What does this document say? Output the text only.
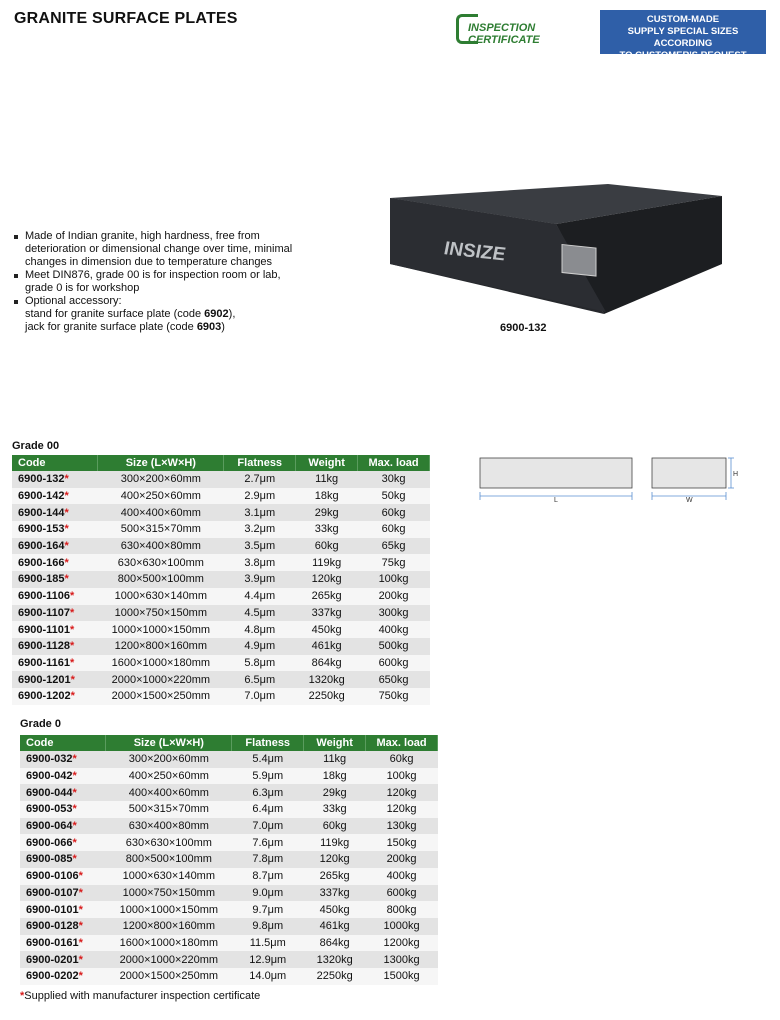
GRANITE SURFACE PLATES
INSPECTION
CERTIFICATE
CUSTOM-MADE
SUPPLY SPECIAL SIZES ACCORDING
TO CUSTOMER'S REQUEST
Made of Indian granite, high hardness, free from deterioration or dimensional change over time, minimal changes in dimension due to temperature changes
Meet DIN876, grade 00 is for inspection room or lab, grade 0 is for workshop
Optional accessory:
stand for granite surface plate (code 6902),
jack for granite surface plate (code 6903)
INSIZE
6900-132
L	W
H
Grade 00
Code	Size (L×W×H)	Flatness	Weight	Max. load
6900-132*	300×200×60mm	2.7μm	11kg	30kg
6900-142*	400×250×60mm	2.9μm	18kg	50kg
6900-144*	400×400×60mm	3.1μm	29kg	60kg
6900-153*	500×315×70mm	3.2μm	33kg	60kg
6900-164*	630×400×80mm	3.5μm	60kg	65kg
6900-166*	630×630×100mm	3.8μm	119kg	75kg
6900-185*	800×500×100mm	3.9μm	120kg	100kg
6900-1106*	1000×630×140mm	4.4μm	265kg	200kg
6900-1107*	1000×750×150mm	4.5μm	337kg	300kg
6900-1101*	1000×1000×150mm	4.8μm	450kg	400kg
6900-1128*	1200×800×160mm	4.9μm	461kg	500kg
6900-1161*	1600×1000×180mm	5.8μm	864kg	600kg
6900-1201*	2000×1000×220mm	6.5μm	1320kg	650kg
6900-1202*	2000×1500×250mm	7.0μm	2250kg	750kg
Grade 0
Code	Size (L×W×H)	Flatness	Weight	Max. load
6900-032*	300×200×60mm	5.4μm	11kg	60kg
6900-042*	400×250×60mm	5.9μm	18kg	100kg
6900-044*	400×400×60mm	6.3μm	29kg	120kg
6900-053*	500×315×70mm	6.4μm	33kg	120kg
6900-064*	630×400×80mm	7.0μm	60kg	130kg
6900-066*	630×630×100mm	7.6μm	119kg	150kg
6900-085*	800×500×100mm	7.8μm	120kg	200kg
6900-0106*	1000×630×140mm	8.7μm	265kg	400kg
6900-0107*	1000×750×150mm	9.0μm	337kg	600kg
6900-0101*	1000×1000×150mm	9.7μm	450kg	800kg
6900-0128*	1200×800×160mm	9.8μm	461kg	1000kg
6900-0161*	1600×1000×180mm	11.5μm	864kg	1200kg
6900-0201*	2000×1000×220mm	12.9μm	1320kg	1300kg
6900-0202*	2000×1500×250mm	14.0μm	2250kg	1500kg
*Supplied with manufacturer inspection certificate
